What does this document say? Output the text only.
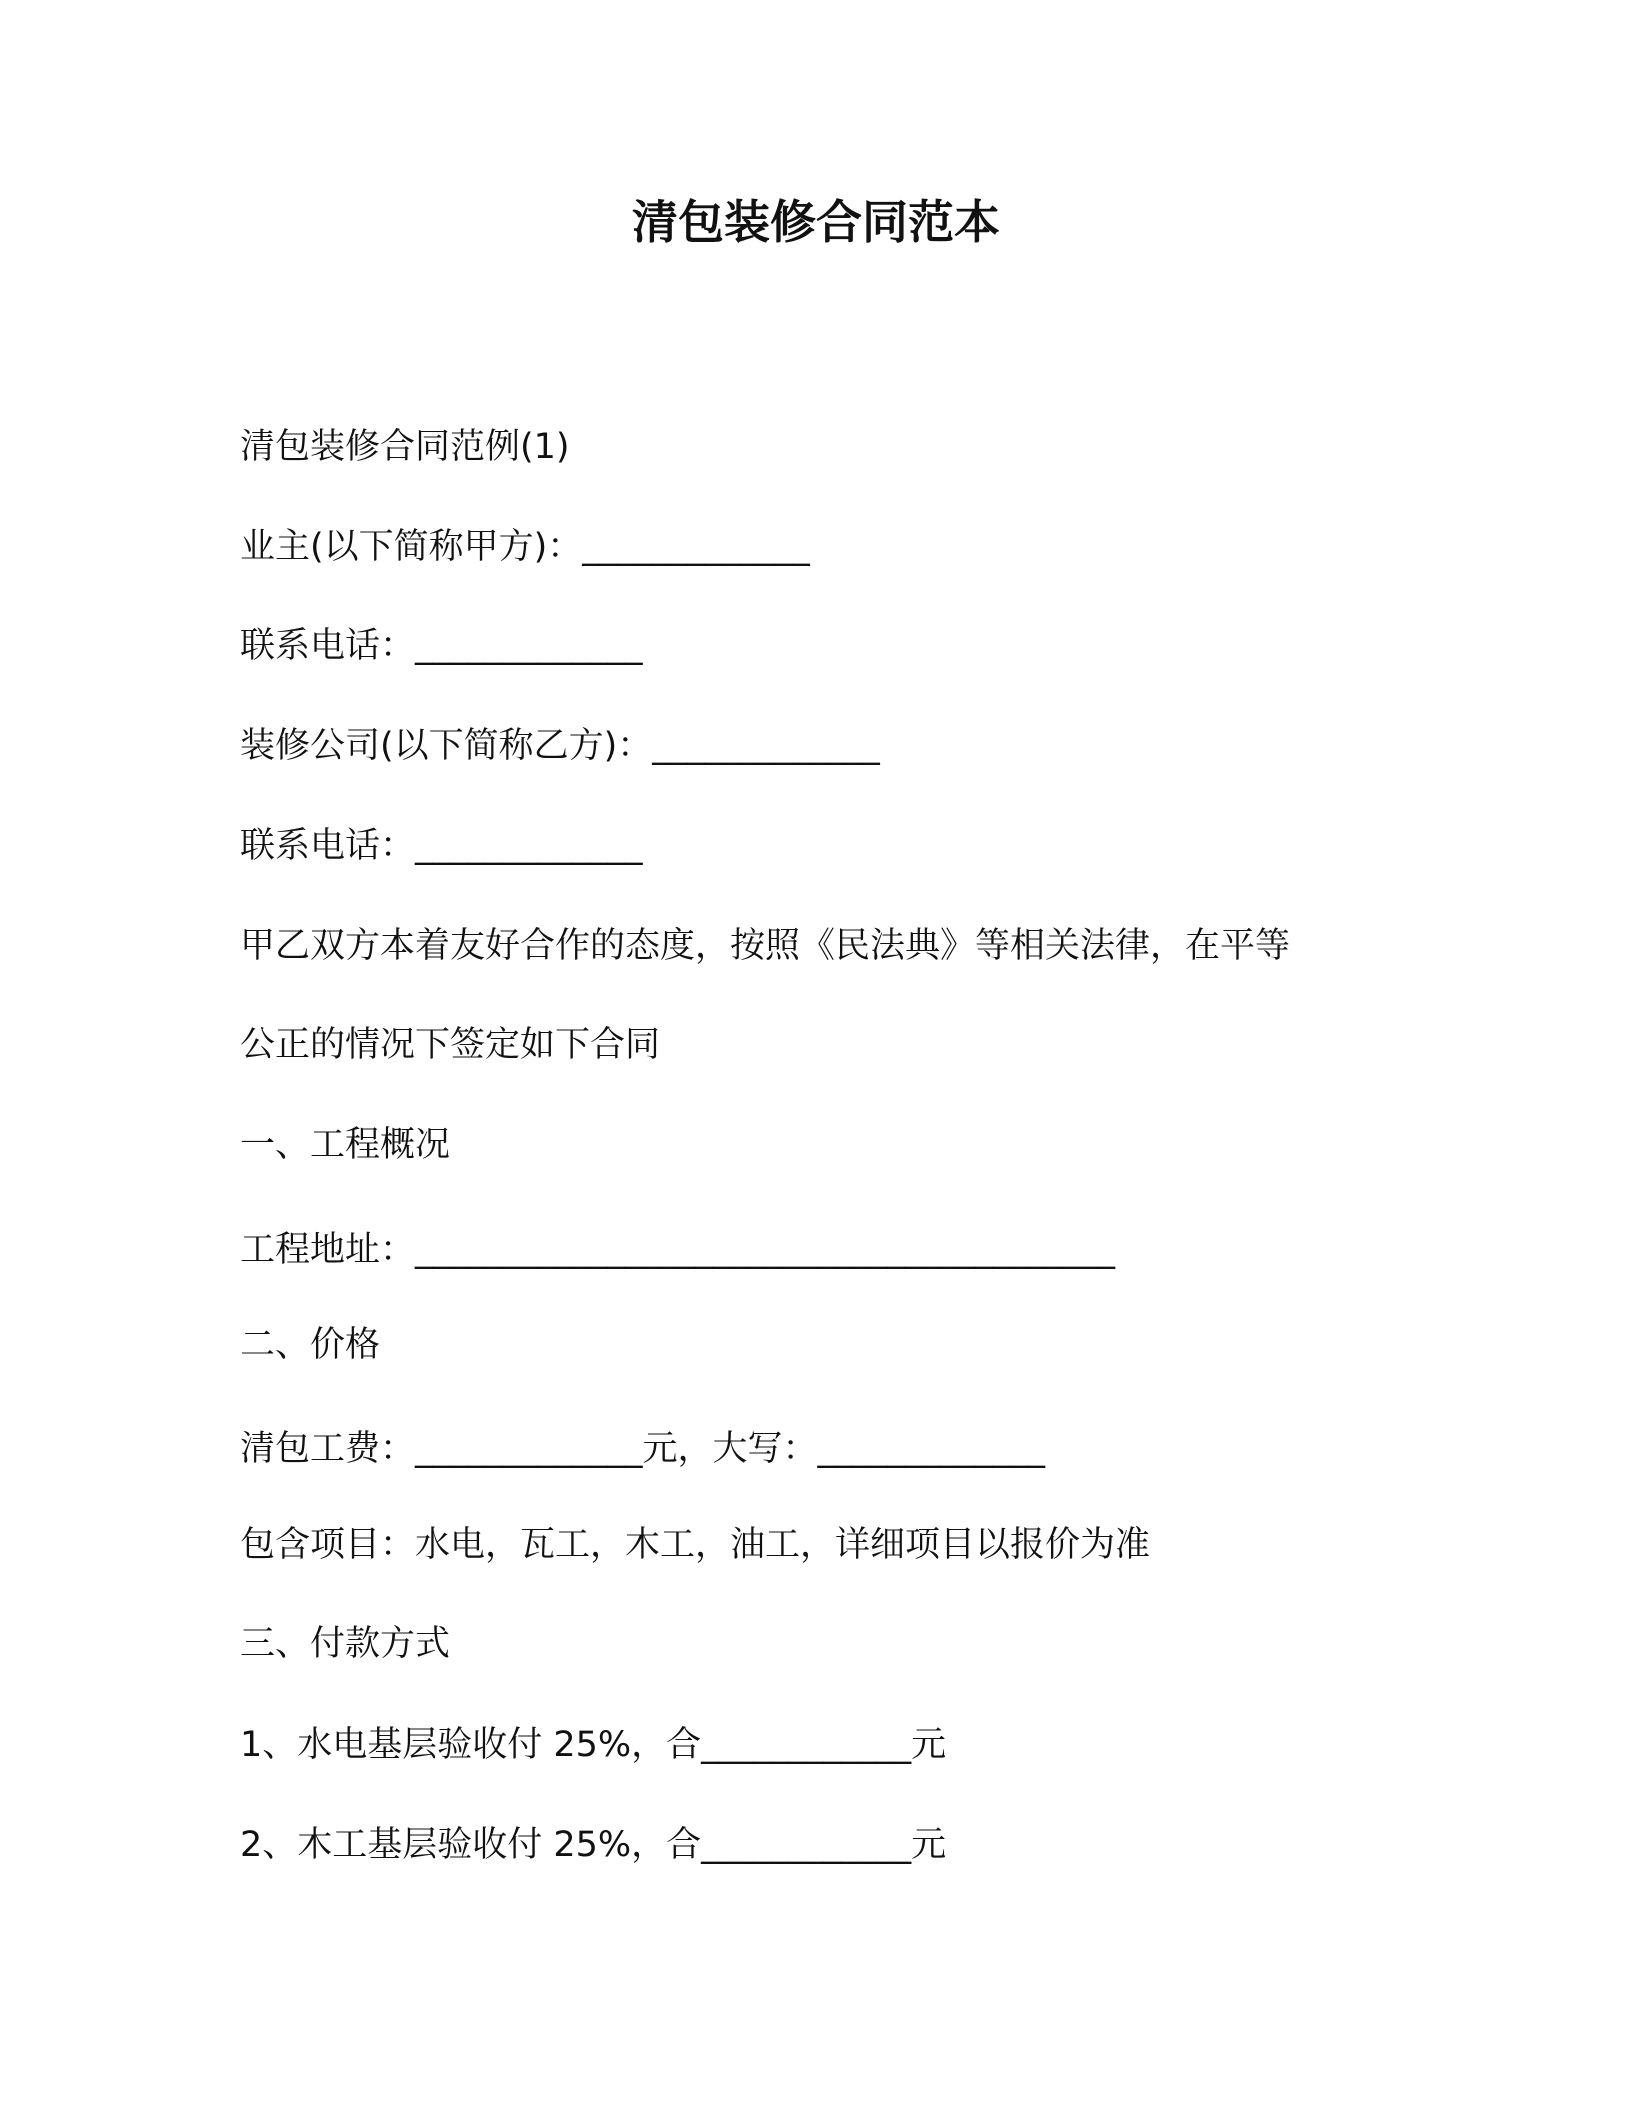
清包装修合同范本

清包装修合同范例(1)

业主(以下简称甲方)：_____________

联系电话：_____________

装修公司(以下简称乙方)：_____________

联系电话：_____________

甲乙双方本着友好合作的态度，按照《民法典》等相关法律，在平等

公正的情况下签定如下合同

一、工程概况

工程地址：________________________________________

二、价格

清包工费：_____________元，大写：_____________

包含项目：水电，瓦工，木工，油工，详细项目以报价为准

三、付款方式

1、水电基层验收付 25%，合____________元

2、木工基层验收付 25%，合____________元
